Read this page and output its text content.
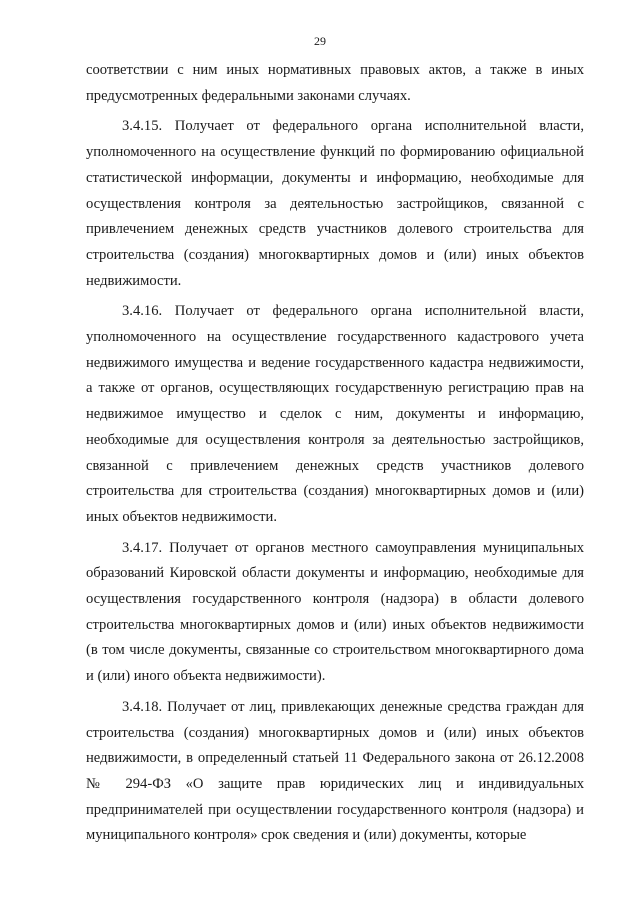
29

соответствии с ним иных нормативных правовых актов, а также в иных предусмотренных федеральными законами случаях.

3.4.15. Получает от федерального органа исполнительной власти, уполномоченного на осуществление функций по формированию официальной статистической информации, документы и информацию, необходимые для осуществления контроля за деятельностью застройщиков, связанной с привлечением денежных средств участников долевого строительства для строительства (создания) многоквартирных домов и (или) иных объектов недвижимости.

3.4.16. Получает от федерального органа исполнительной власти, уполномоченного на осуществление государственного кадастрового учета недвижимого имущества и ведение государственного кадастра недвижимости, а также от органов, осуществляющих государственную регистрацию прав на недвижимое имущество и сделок с ним, документы и информацию, необходимые для осуществления контроля за деятельностью застройщиков, связанной с привлечением денежных средств участников долевого строительства для строительства (создания) многоквартирных домов и (или) иных объектов недвижимости.

3.4.17. Получает от органов местного самоуправления муниципальных образований Кировской области документы и информацию, необходимые для осуществления государственного контроля (надзора) в области долевого строительства многоквартирных домов и (или) иных объектов недвижимости (в том числе документы, связанные со строительством многоквартирного дома и (или) иного объекта недвижимости).

3.4.18. Получает от лиц, привлекающих денежные средства граждан для строительства (создания) многоквартирных домов и (или) иных объектов недвижимости, в определенный статьей 11 Федерального закона от 26.12.2008 № 294-ФЗ «О защите прав юридических лиц и индивидуальных предпринимателей при осуществлении государственного контроля (надзора) и муниципального контроля» срок сведения и (или) документы, которые
